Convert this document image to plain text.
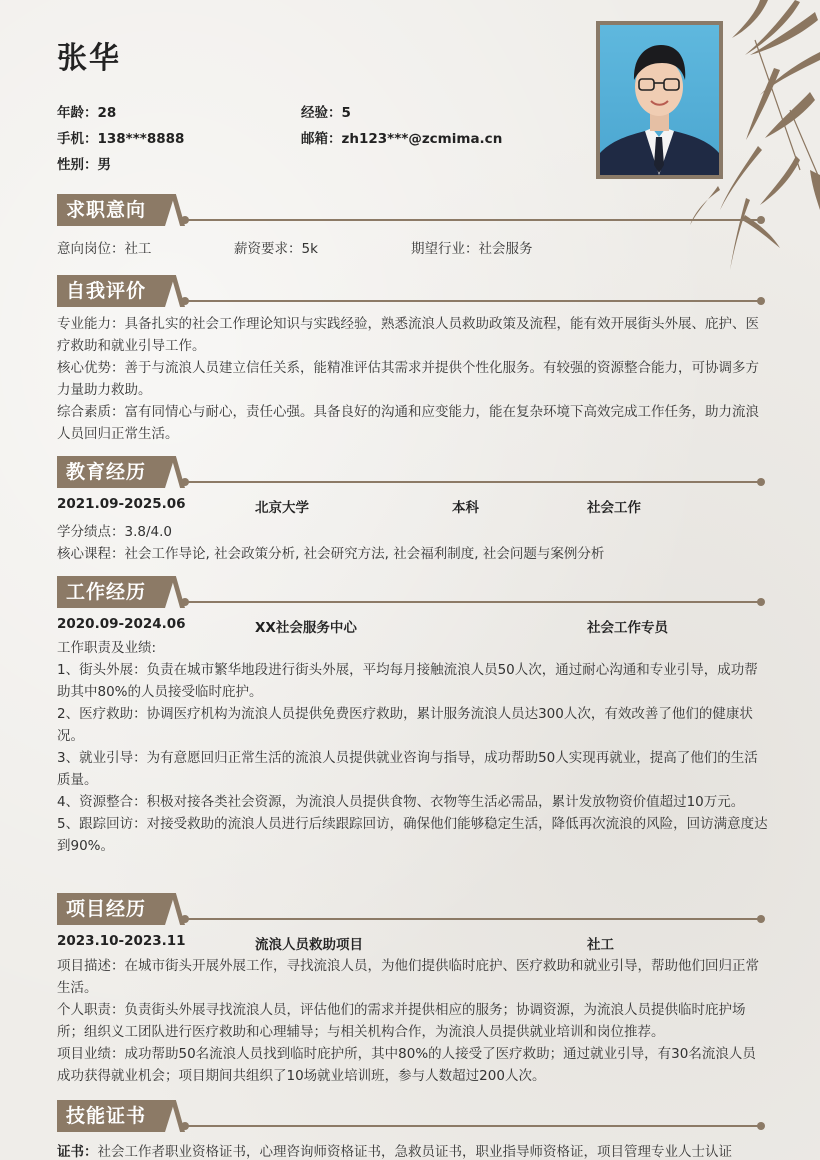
张华
年龄：28	经验：5
手机：138***8888	邮箱：zh123***@zcmima.cn
性别：男
求职意向
意向岗位：社工	薪资要求：5k	期望行业：社会服务
自我评价
专业能力：具备扎实的社会工作理论知识与实践经验，熟悉流浪人员救助政策及流程，能有效开展街头外展、庇护、医疗救助和就业引导工作。
核心优势：善于与流浪人员建立信任关系，能精准评估其需求并提供个性化服务。有较强的资源整合能力，可协调多方力量助力救助。
综合素质：富有同情心与耐心，责任心强。具备良好的沟通和应变能力，能在复杂环境下高效完成工作任务，助力流浪人员回归正常生活。
教育经历
2021.09-2025.06	北京大学	本科	社会工作
学分绩点：3.8/4.0
核心课程：社会工作导论, 社会政策分析, 社会研究方法, 社会福利制度, 社会问题与案例分析
工作经历
2020.09-2024.06	XX社会服务中心	社会工作专员
工作职责及业绩:
1、街头外展：负责在城市繁华地段进行街头外展，平均每月接触流浪人员50人次，通过耐心沟通和专业引导，成功帮助其中80%的人员接受临时庇护。
2、医疗救助：协调医疗机构为流浪人员提供免费医疗救助，累计服务流浪人员达300人次，有效改善了他们的健康状况。
3、就业引导：为有意愿回归正常生活的流浪人员提供就业咨询与指导，成功帮助50人实现再就业，提高了他们的生活质量。
4、资源整合：积极对接各类社会资源，为流浪人员提供食物、衣物等生活必需品，累计发放物资价值超过10万元。
5、跟踪回访：对接受救助的流浪人员进行后续跟踪回访，确保他们能够稳定生活，降低再次流浪的风险，回访满意度达到90%。
项目经历
2023.10-2023.11	流浪人员救助项目	社工
项目描述：在城市街头开展外展工作，寻找流浪人员，为他们提供临时庇护、医疗救助和就业引导，帮助他们回归正常生活。
个人职责：负责街头外展寻找流浪人员，评估他们的需求并提供相应的服务；协调资源，为流浪人员提供临时庇护场所；组织义工团队进行医疗救助和心理辅导；与相关机构合作，为流浪人员提供就业培训和岗位推荐。
项目业绩：成功帮助50名流浪人员找到临时庇护所，其中80%的人接受了医疗救助；通过就业引导，有30名流浪人员成功获得就业机会；项目期间共组织了10场就业培训班，参与人数超过200人次。
技能证书
证书：社会工作者职业资格证书，心理咨询师资格证书，急救员证书，职业指导师资格证，项目管理专业人士认证
